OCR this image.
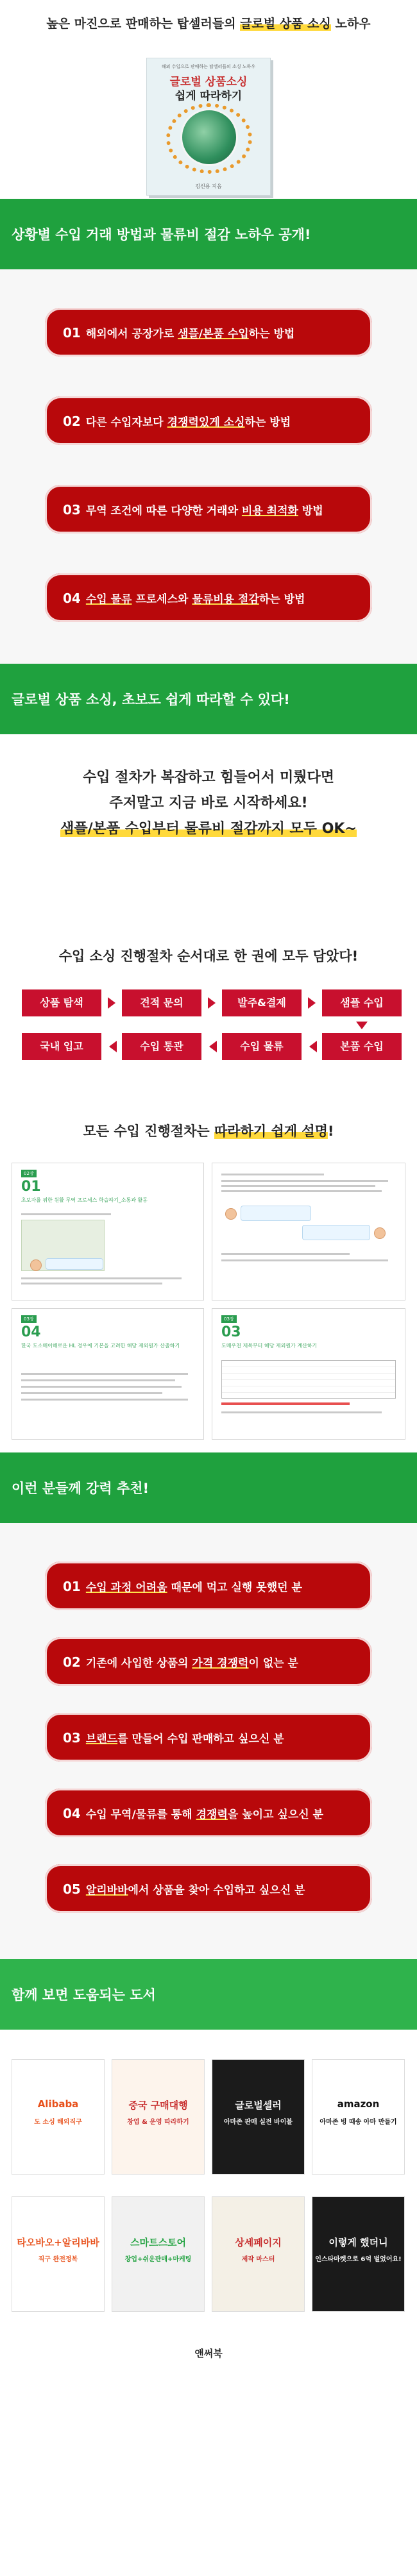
높은 마진으로 판매하는 탑셀러들의 글로벌 상품 소싱 노하우
해외 수입으로 판매하는 탑셀러들의 소싱 노하우
글로벌 상품소싱
쉽게 따라하기
김신용 지음
상황별 수입 거래 방법과 물류비 절감 노하우 공개!
01 해외에서 공장가로 샘플/본품 수입하는 방법
02 다른 수입자보다 경쟁력있게 소싱하는 방법
03 무역 조건에 따른 다양한 거래와 비용 최적화 방법
04 수입 물류 프로세스와 물류비용 절감하는 방법
글로벌 상품 소싱, 초보도 쉽게 따라할 수 있다!
수입 절차가 복잡하고 힘들어서 미뤘다면
주저말고 지금 바로 시작하세요!
샘플/본품 수입부터 물류비 절감까지 모두 OK~
수입 소싱 진행절차 순서대로 한 권에 모두 담았다!
상품 탐색	견적 문의	발주&결제	샘플 수입
본품 수입
수입 물류
수입 통관
국내 입고
모든 수입 진행절차는 따라하기 쉽게 설명!
02장
01
초보자를 위한 원활 무역 프로세스 학습하기_소통과 활동
03장
04
한국 도소매이해로운 HL 경우에 기본을 고려한 해당 제외원가 산출하기
03장
03
도매우천 제목부터 해당 제외원가 계산하기
이런 분들께 강력 추천!
01 수입 과정 어려움 때문에 먹고 실행 못했던 분
02 기존에 사입한 상품의 가격 경쟁력이 없는 분
03 브랜드를 만들어 수입 판매하고 싶으신 분
04 수입 무역/물류를 통해 경쟁력을 높이고 싶으신 분
05 알리바바에서 상품을 찾아 수입하고 싶으신 분
함께 보면 도움되는 도서
Alibaba
도 소싱 해외직구
중국 구매대행
창업 & 운영 따라하기
글로벌셀러
아마존 판매 실전 바이블
amazon
아마존 빙 때송 아마 만들기
타오바오+알리바바
직구 완전정복
스마트스토어
창업+쉬운판매+마케팅
상세페이지
제작 마스터
이렇게 했더니
인스타마켓으로 6억 벌었어요!
앤써북
